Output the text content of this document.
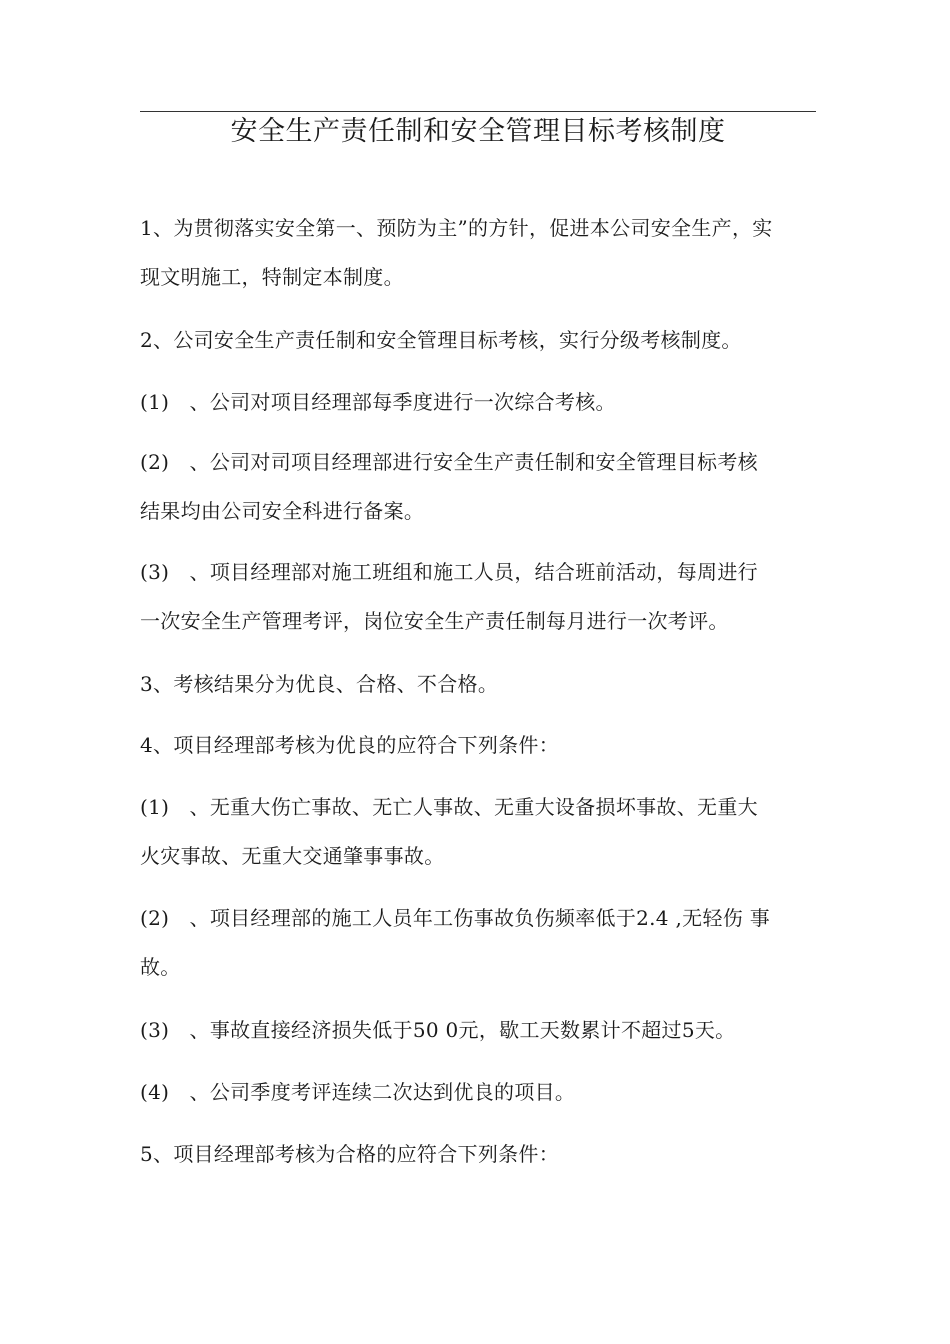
安全生产责任制和安全管理目标考核制度
1、为贯彻落实安全第一、预防为主”的方针，促进本公司安全生产，实
现文明施工，特制定本制度。
2、公司安全生产责任制和安全管理目标考核，实行分级考核制度。
(1)　、公司对项目经理部每季度进行一次综合考核。
(2)　、公司对司项目经理部进行安全生产责任制和安全管理目标考核
结果均由公司安全科进行备案。
(3)　、项目经理部对施工班组和施工人员，结合班前活动，每周进行
一次安全生产管理考评，岗位安全生产责任制每月进行一次考评。
3、考核结果分为优良、合格、不合格。
4、项目经理部考核为优良的应符合下列条件：
(1)　、无重大伤亡事故、无亡人事故、无重大设备损坏事故、无重大
火灾事故、无重大交通肇事事故。
(2)　、项目经理部的施工人员年工伤事故负伤频率低于2.4 ,无轻伤 事
故。
(3)　、事故直接经济损失低于50 0元，歇工天数累计不超过5天。
(4)　、公司季度考评连续二次达到优良的项目。
5、项目经理部考核为合格的应符合下列条件：
